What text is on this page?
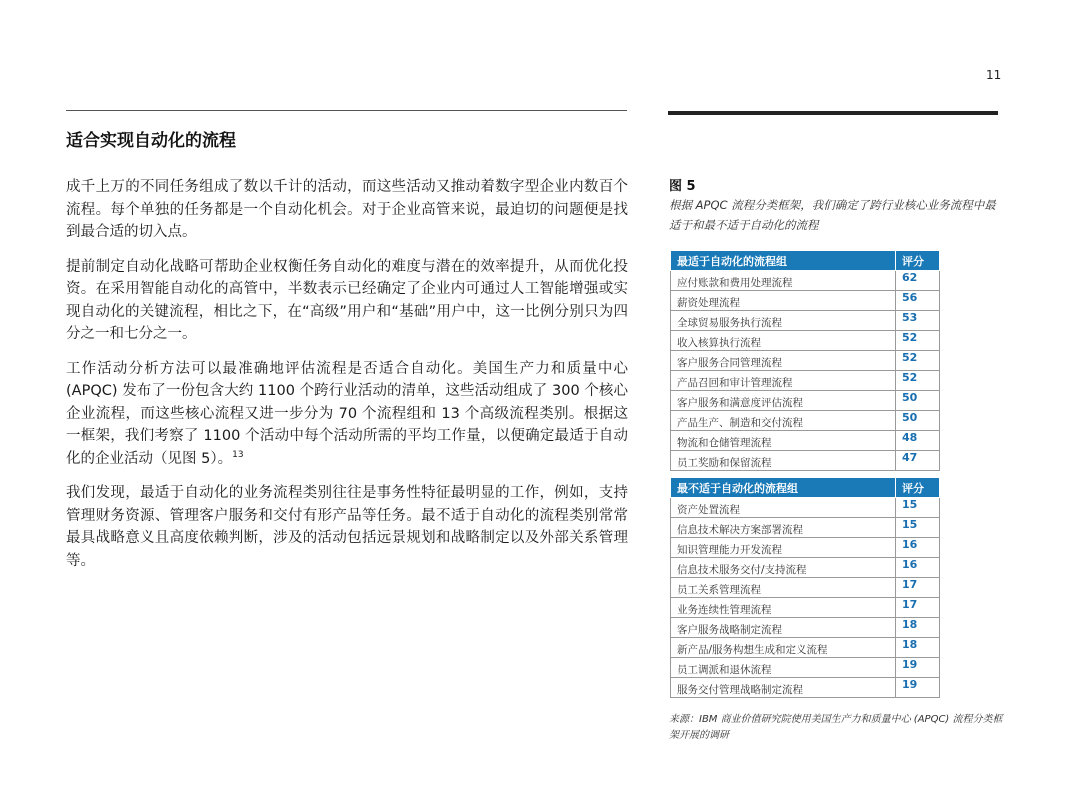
11
适合实现自动化的流程

成千上万的不同任务组成了数以千计的活动，而这些活动又推动着数字型企业内数百个流程。每个单独的任务都是一个自动化机会。对于企业高管来说，最迫切的问题便是找到最合适的切入点。

提前制定自动化战略可帮助企业权衡任务自动化的难度与潜在的效率提升，从而优化投资。在采用智能自动化的高管中，半数表示已经确定了企业内可通过人工智能增强或实现自动化的关键流程，相比之下，在“高级”用户和“基础”用户中，这一比例分别只为四分之一和七分之一。

工作活动分析方法可以最准确地评估流程是否适合自动化。美国生产力和质量中心 (APQC) 发布了一份包含大约 1100 个跨行业活动的清单，这些活动组成了 300 个核心企业流程，而这些核心流程又进一步分为 70 个流程组和 13 个高级流程类别。根据这一框架，我们考察了 1100 个活动中每个活动所需的平均工作量，以便确定最适于自动化的企业活动（见图 5）。$^{13}$

我们发现，最适于自动化的业务流程类别往往是事务性特征最明显的工作，例如，支持管理财务资源、管理客户服务和交付有形产品等任务。最不适于自动化的流程类别常常最具战略意义且高度依赖判断，涉及的活动包括远景规划和战略制定以及外部关系管理等。

图 5
根据 APQC 流程分类框架，我们确定了跨行业核心业务流程中最适于和最不适于自动化的流程
最适于自动化的流程组	评分
应付账款和费用处理流程	62
薪资处理流程	56
全球贸易服务执行流程	53
收入核算执行流程	52
客户服务合同管理流程	52
产品召回和审计管理流程	52
客户服务和满意度评估流程	50
产品生产、制造和交付流程	50
物流和仓储管理流程	48
员工奖励和保留流程	47
最不适于自动化的流程组	评分
资产处置流程	15
信息技术解决方案部署流程	15
知识管理能力开发流程	16
信息技术服务交付/支持流程	16
员工关系管理流程	17
业务连续性管理流程	17
客户服务战略制定流程	18
新产品/服务构想生成和定义流程	18
员工调派和退休流程	19
服务交付管理战略制定流程	19
来源：IBM 商业价值研究院使用美国生产力和质量中心 (APQC) 流程分类框架开展的调研
